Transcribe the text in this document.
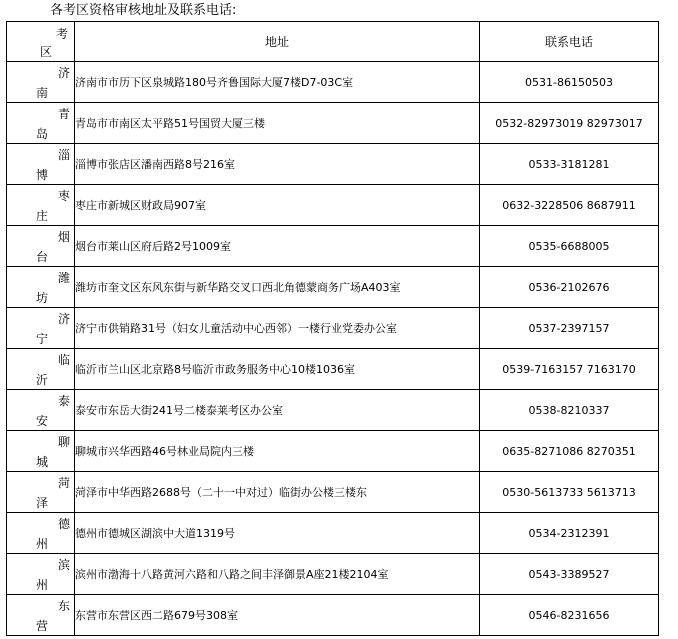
各考区资格审核地址及联系电话:
考
区	地址	联系电话

济
南	济南市市历下区泉城路180号齐鲁国际大厦7楼D7-03C室	0531-86150503

青
岛	青岛市市南区太平路51号国贸大厦三楼	0532-82973019 82973017

淄
博	淄博市张店区潘南西路8号216室	0533-3181281

枣
庄	枣庄市新城区财政局907室	0632-3228506 8687911

烟
台	烟台市莱山区府后路2号1009室	0535-6688005

潍
坊	潍坊市奎文区东风东街与新华路交叉口西北角德蒙商务广场A403室	0536-2102676

济
宁	济宁市供销路31号（妇女儿童活动中心西邻）一楼行业党委办公室	0537-2397157

临
沂	临沂市兰山区北京路8号临沂市政务服务中心10楼1036室	0539-7163157 7163170

泰
安	泰安市东岳大街241号二楼泰莱考区办公室	0538-8210337

聊
城	聊城市兴华西路46号林业局院内三楼	0635-8271086 8270351

菏
泽	菏泽市中华西路2688号（二十一中对过）临街办公楼三楼东	0530-5613733 5613713

德
州	德州市德城区湖滨中大道1319号	0534-2312391

滨
州	滨州市渤海十八路黄河六路和八路之间丰泽御景A座21楼2104室	0543-3389527

东
营	东营市东营区西二路679号308室	0546-8231656
